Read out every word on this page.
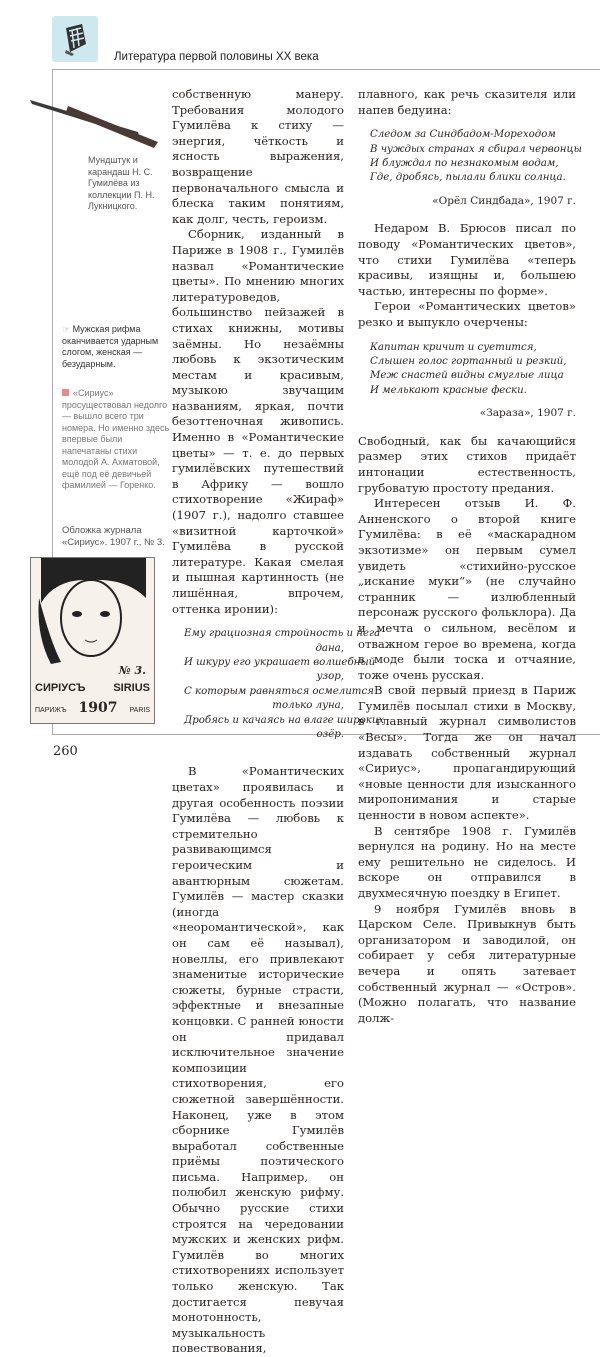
Литература первой половины XX века
Мундштук и карандаш Н. С. Гумилёва из коллекции П. Н. Лукницкого.
☞ Мужская рифма оканчивается ударным слогом, женская — безударным.
«Сириус» просуществовал недолго — вышло всего три номера. Но именно здесь впервые были напечатаны стихи молодой А. Ахматовой, ещё под её девичьей фамилией — Горенко.
Обложка журнала «Сириус». 1907 г., № 3.
№ 3.
СИРIУСЪ	SIRIUS
ПАРИЖЪ 1907 PARIS

собственную манеру. Требования молодого Гумилёва к стиху — энергия, чёткость и ясность выражения, возвращение первоначального смысла и блеска таким понятиям, как долг, честь, героизм.

Сборник, изданный в Париже в 1908 г., Гумилёв назвал «Романтические цветы». По мнению многих литературоведов, большинство пейзажей в стихах книжны, мотивы заёмны. Но незаёмны любовь к экзотическим местам и красивым, музыкою звучащим названиям, яркая, почти безоттеночная живопись. Именно в «Романтические цветы» — т. е. до первых гумилёвских путешествий в Африку — вошло стихотворение «Жираф» (1907 г.), надолго ставшее «визитной карточкой» Гумилёва в русской литературе. Какая смелая и пышная картинность (не лишённая, впрочем, оттенка иронии):

Ему грациозная стройность и нега
дана,
И шкуру его украшает волшебный
узор,
С которым равняться осмелится
только луна,
Дробясь и качаясь на влаге широких
озёр.

В «Романтических цветах» проявилась и другая особенность поэзии Гумилёва — любовь к стремительно развивающимся героическим и авантюрным сюжетам. Гумилёв — мастер сказки (иногда «неоромантической», как он сам её называл), новеллы, его привлекают знаменитые исторические сюжеты, бурные страсти, эффектные и внезапные концовки. С ранней юности он придавал исключительное значение композиции стихотворения, его сюжетной завершённости. Наконец, уже в этом сборнике Гумилёв выработал собственные приёмы поэтического письма. Например, он полюбил женскую рифму. Обычно русские стихи строятся на чередовании мужских и женских рифм. Гумилёв во многих стихотворениях использует только женскую. Так достигается певучая монотонность, музыкальность повествования,

плавного, как речь сказителя или напев бедуина:

Следом за Синдбадом-Мореходом
В чуждых странах я сбирал червонцы
И блуждал по незнакомым водам,
Где, дробясь, пылали блики солнца.
«Орёл Синдбада», 1907 г.

Недаром В. Брюсов писал по поводу «Романтических цветов», что стихи Гумилёва «теперь красивы, изящны и, большею частью, интересны по форме».

Герои «Романтических цветов» резко и выпукло очерчены:

Капитан кричит и суетится,
Слышен голос гортанный и резкий,
Меж снастей видны смуглые лица
И мелькают красные фески.
«Зараза», 1907 г.

Свободный, как бы качающийся размер этих стихов придаёт интонации естественность, грубоватую простоту предания.

Интересен отзыв И. Ф. Анненского о второй книге Гумилёва: в её «маскарадном экзотизме» он первым сумел увидеть «стихийно-русское „искание муки“» (не случайно странник — излюбленный персонаж русского фольклора). Да и мечта о сильном, весёлом и отважном герое во времена, когда в моде были тоска и отчаяние, тоже очень русская.

В свой первый приезд в Париж Гумилёв посылал стихи в Москву, в главный журнал символистов «Весы». Тогда же он начал издавать собственный журнал «Сириус», пропагандирующий «новые ценности для изысканного миропонимания и старые ценности в новом аспекте».

В сентябре 1908 г. Гумилёв вернулся на родину. Но на месте ему решительно не сиделось. И вскоре он отправился в двухмесячную поездку в Египет.

9 ноября Гумилёв вновь в Царском Селе. Привыкнув быть организатором и заводилой, он собирает у себя литературные вечера и опять затевает собственный журнал — «Остров». (Можно полагать, что название долж-

260
